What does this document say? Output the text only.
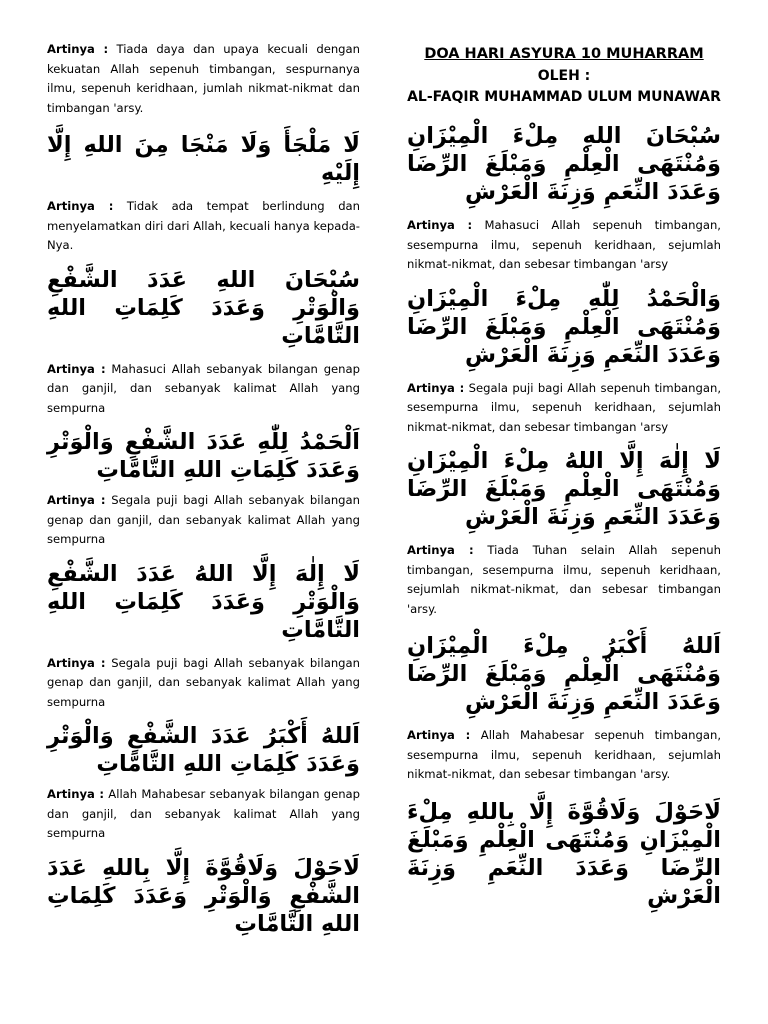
Artinya : Tiada daya dan upaya kecuali dengan kekuatan Allah sepenuh timbangan, sespurnanya ilmu, sepenuh keridhaan, jumlah nikmat-nikmat dan timbangan 'arsy.

لَا مَلْجَأَ وَلَا مَنْجَا مِنَ اللهِ إِلَّا إِلَيْهِ

Artinya : Tidak ada tempat berlindung dan menyelamatkan diri dari Allah, kecuali hanya kepada-Nya.

سُبْحَانَ اللهِ عَدَدَ الشَّفْعِ وَالْوَتْرِ وَعَدَدَ كَلِمَاتِ اللهِ التَّامَّاتِ

Artinya : Mahasuci Allah sebanyak bilangan genap dan ganjil, dan sebanyak kalimat Allah yang sempurna

اَلْحَمْدُ لِلّٰهِ عَدَدَ الشَّفْعِ وَالْوَتْرِ وَعَدَدَ كَلِمَاتِ اللهِ التَّامَّاتِ

Artinya : Segala puji bagi Allah sebanyak bilangan genap dan ganjil, dan sebanyak kalimat Allah yang sempurna

لَا إِلٰهَ إِلَّا اللهُ عَدَدَ الشَّفْعِ وَالْوَتْرِ وَعَدَدَ كَلِمَاتِ اللهِ التَّامَّاتِ

Artinya : Segala puji bagi Allah sebanyak bilangan genap dan ganjil, dan sebanyak kalimat Allah yang sempurna

اَللهُ أَكْبَرُ عَدَدَ الشَّفْعِ وَالْوَتْرِ وَعَدَدَ كَلِمَاتِ اللهِ التَّامَّاتِ

Artinya : Allah Mahabesar sebanyak bilangan genap dan ganjil, dan sebanyak kalimat Allah yang sempurna

لَاحَوْلَ وَلَاقُوَّةَ إِلَّا بِاللهِ عَدَدَ الشَّفْعِ وَالْوَتْرِ وَعَدَدَ كَلِمَاتِ اللهِ التَّامَّاتِ

DOA HARI ASYURA 10 MUHARRAM
OLEH :
AL-FAQIR MUHAMMAD ULUM MUNAWAR

سُبْحَانَ اللهِ مِلْءَ الْمِيْزَانِ وَمُنْتَهَى الْعِلْمِ وَمَبْلَغَ الرِّضَا وَعَدَدَ النِّعَمِ وَزِنَةَ الْعَرْشِ

Artinya : Mahasuci Allah sepenuh timbangan, sesempurna ilmu, sepenuh keridhaan, sejumlah nikmat-nikmat, dan sebesar timbangan 'arsy

وَالْحَمْدُ لِلّٰهِ مِلْءَ الْمِيْزَانِ وَمُنْتَهَى الْعِلْمِ وَمَبْلَغَ الرِّضَا وَعَدَدَ النِّعَمِ وَزِنَةَ الْعَرْشِ

Artinya : Segala puji bagi Allah sepenuh timbangan, sesempurna ilmu, sepenuh keridhaan, sejumlah nikmat-nikmat, dan sebesar timbangan 'arsy

لَا إِلٰهَ إِلَّا اللهُ مِلْءَ الْمِيْزَانِ وَمُنْتَهَى الْعِلْمِ وَمَبْلَغَ الرِّضَا وَعَدَدَ النِّعَمِ وَزِنَةَ الْعَرْشِ

Artinya : Tiada Tuhan selain Allah sepenuh timbangan, sesempurna ilmu, sepenuh keridhaan, sejumlah nikmat-nikmat, dan sebesar timbangan 'arsy.

اَللهُ أَكْبَرُ مِلْءَ الْمِيْزَانِ وَمُنْتَهَى الْعِلْمِ وَمَبْلَغَ الرِّضَا وَعَدَدَ النِّعَمِ وَزِنَةَ الْعَرْشِ

Artinya : Allah Mahabesar sepenuh timbangan, sesempurna ilmu, sepenuh keridhaan, sejumlah nikmat-nikmat, dan sebesar timbangan 'arsy.

لَاحَوْلَ وَلَاقُوَّةَ إِلَّا بِاللهِ مِلْءَ الْمِيْزَانِ وَمُنْتَهَى الْعِلْمِ وَمَبْلَغَ الرِّضَا وَعَدَدَ النِّعَمِ وَزِنَةَ الْعَرْشِ
